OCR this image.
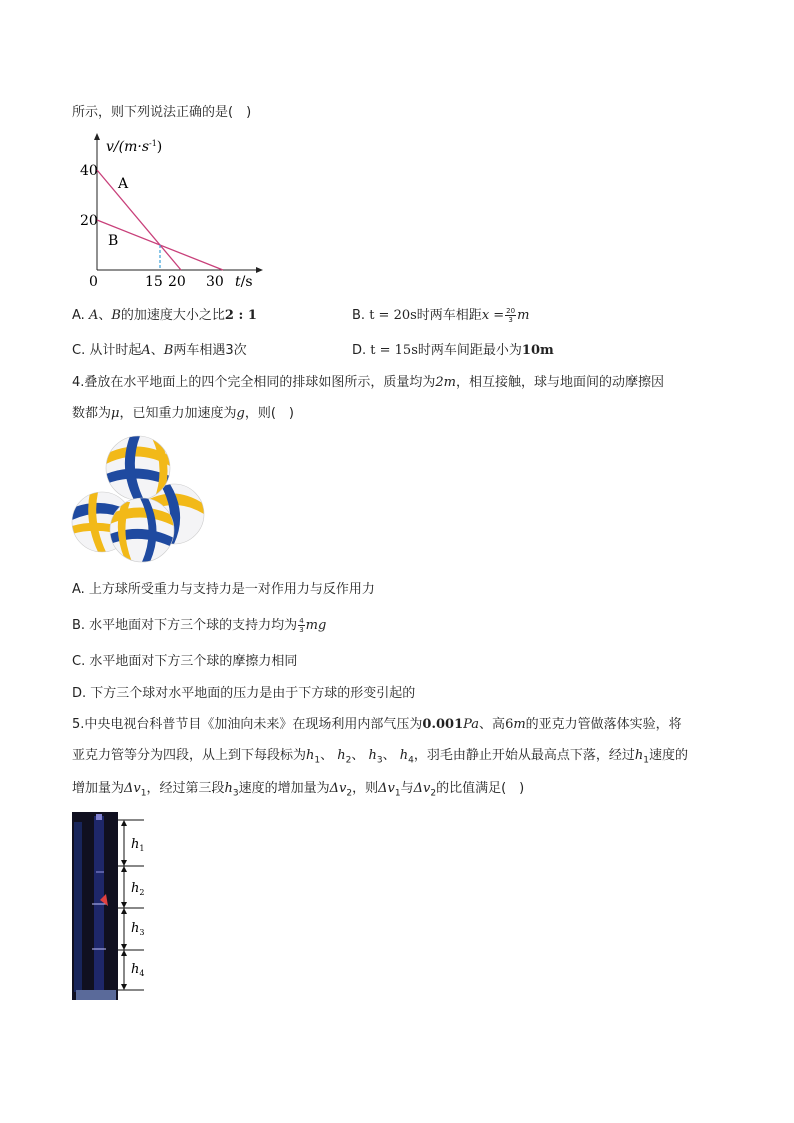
所示，则下列说法正确的是(　)
$v/(m\cdot s^{-1})$
40
20
0	15 20 30 t/s
A
B
A. A、B的加速度大小之比2 : 1	B. t = 20s时两车相距$x = \frac{20}{3}$ m
C. 从计时起A、B两车相遇3次	D. t = 15s时两车间距最小为10m
4.叠放在水平地面上的四个完全相同的排球如图所示，质量均为2m，相互接触，球与地面间的动摩擦因
数都为μ，已知重力加速度为g，则(　)
A. 上方球所受重力与支持力是一对作用力与反作用力
B. 水平地面对下方三个球的支持力均为 $\frac{4}{3}$ mg
C. 水平地面对下方三个球的摩擦力相同
D. 下方三个球对水平地面的压力是由于下方球的形变引起的
5.中央电视台科普节目《加油向未来》在现场利用内部气压为0.001Pa、高6m的亚克力管做落体实验，将
亚克力管等分为四段，从上到下每段标为$h_1$、 $h_2$、 $h_3$、 $h_4$，羽毛由静止开始从最高点下落，经过$h_1$速度的
增加量为$\Delta v_1$，经过第三段$h_3$速度的增加量为$\Delta v_2$，则$\Delta v_1$与$\Delta v_2$的比值满足(　)
$h_1$
$h_2$
$h_3$
$h_4$
